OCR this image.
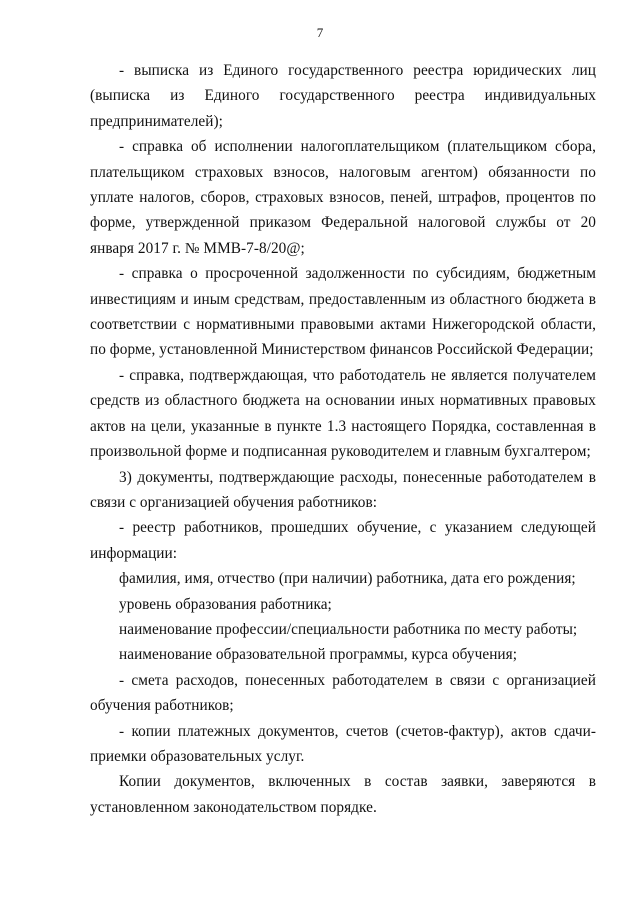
7

- выписка из Единого государственного реестра юридических лиц (выписка из Единого государственного реестра индивидуальных предпринимателей);

- справка об исполнении налогоплательщиком (плательщиком сбора, плательщиком страховых взносов, налоговым агентом) обязанности по уплате налогов, сборов, страховых взносов, пеней, штрафов, процентов по форме, утвержденной приказом Федеральной налоговой службы от 20 января 2017 г. № ММВ-7-8/20@;

- справка о просроченной задолженности по субсидиям, бюджетным инвестициям и иным средствам, предоставленным из областного бюджета в соответствии с нормативными правовыми актами Нижегородской области, по форме, установленной Министерством финансов Российской Федерации;

- справка, подтверждающая, что работодатель не является получателем средств из областного бюджета на основании иных нормативных правовых актов на цели, указанные в пункте 1.3 настоящего Порядка, составленная в произвольной форме и подписанная руководителем и главным бухгалтером;

3) документы, подтверждающие расходы, понесенные работодателем в связи с организацией обучения работников:

- реестр работников, прошедших обучение, с указанием следующей информации:

фамилия, имя, отчество (при наличии) работника, дата его рождения;

уровень образования работника;

наименование профессии/специальности работника по месту работы;

наименование образовательной программы, курса обучения;

- смета расходов, понесенных работодателем в связи с организацией обучения работников;

- копии платежных документов, счетов (счетов-фактур), актов сдачи-приемки образовательных услуг.

Копии документов, включенных в состав заявки, заверяются в установленном законодательством порядке.
